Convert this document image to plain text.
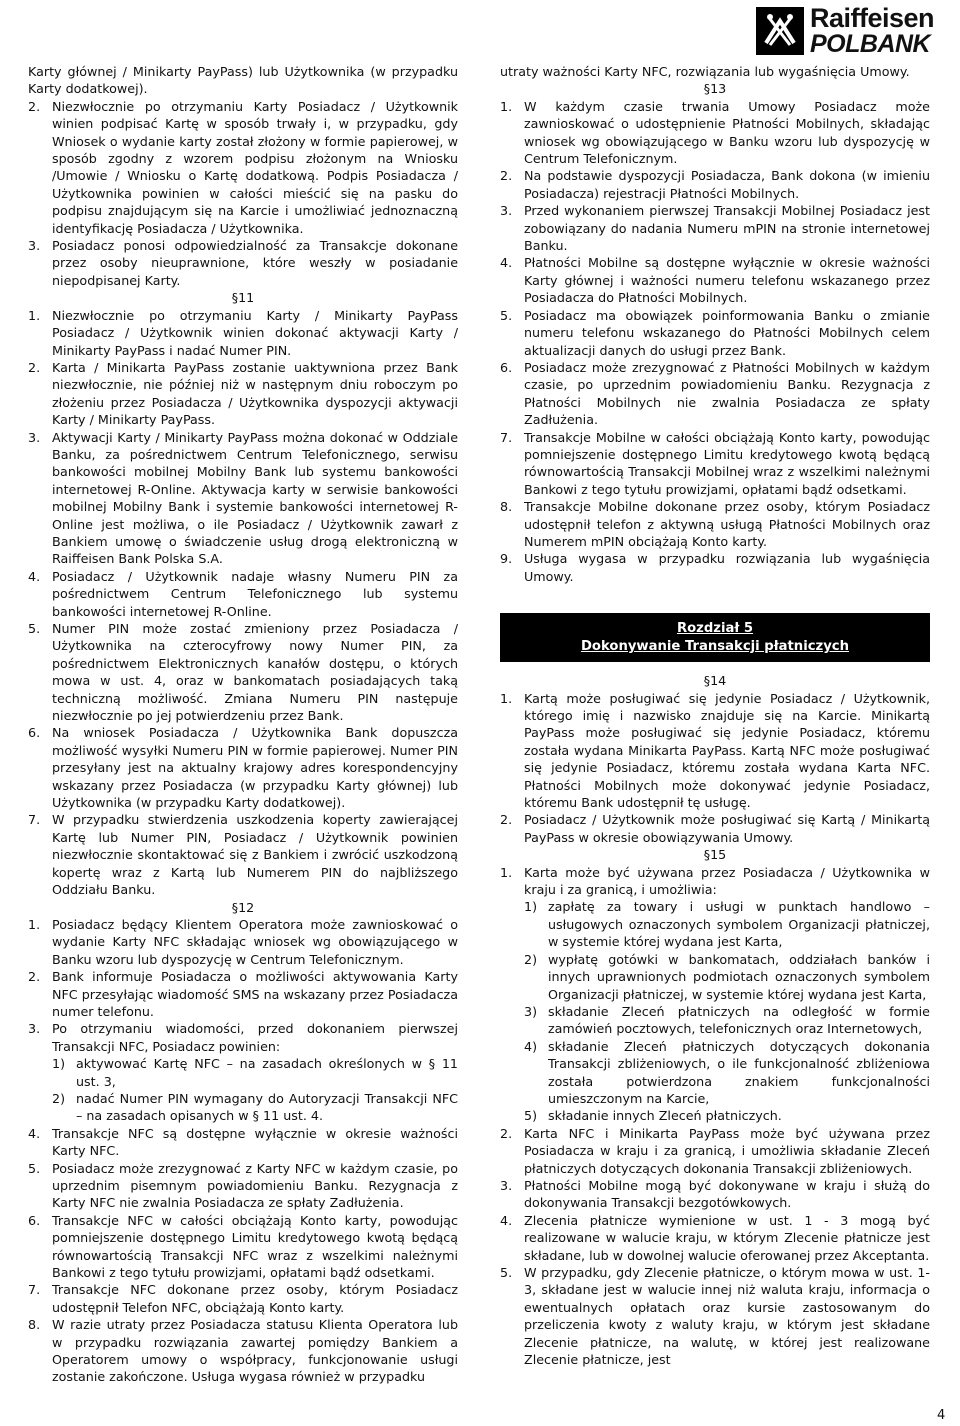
Raiffeisen
POLBANK

Karty głównej / Minikarty PayPass) lub Użytkownika (w przypadku Karty dodatkowej).

2. Niezwłocznie po otrzymaniu Karty Posiadacz / Użytkownik winien podpisać Kartę w sposób trwały i, w przypadku, gdy Wniosek o wydanie karty został złożony w formie papierowej, w sposób zgodny z wzorem podpisu złożonym na Wniosku /Umowie / Wniosku o Kartę dodatkową. Podpis Posiadacza / Użytkownika powinien w całości mieścić się na pasku do podpisu znajdującym się na Karcie i umożliwiać jednoznaczną identyfikację Posiadacza / Użytkownika.
3. Posiadacz ponosi odpowiedzialność za Transakcje dokonane przez osoby nieuprawnione, które weszły w posiadanie niepodpisanej Karty.

§11

1. Niezwłocznie po otrzymaniu Karty / Minikarty PayPass Posiadacz / Użytkownik winien dokonać aktywacji Karty / Minikarty PayPass i nadać Numer PIN.
2. Karta / Minikarta PayPass zostanie uaktywniona przez Bank niezwłocznie, nie później niż w następnym dniu roboczym po złożeniu przez Posiadacza / Użytkownika dyspozycji aktywacji Karty / Minikarty PayPass.
3. Aktywacji Karty / Minikarty PayPass można dokonać w Oddziale Banku, za pośrednictwem Centrum Telefonicznego, serwisu bankowości mobilnej Mobilny Bank lub systemu bankowości internetowej R-Online. Aktywacja karty w serwisie bankowości mobilnej Mobilny Bank i systemie bankowości internetowej R-Online jest możliwa, o ile Posiadacz / Użytkownik zawarł z Bankiem umowę o świadczenie usług drogą elektroniczną w Raiffeisen Bank Polska S.A.
4. Posiadacz / Użytkownik nadaje własny Numeru PIN za pośrednictwem Centrum Telefonicznego lub systemu bankowości internetowej R-Online.
5. Numer PIN może zostać zmieniony przez Posiadacza / Użytkownika na czterocyfrowy nowy Numer PIN, za pośrednictwem Elektronicznych kanałów dostępu, o których mowa w ust. 4, oraz w bankomatach posiadających taką techniczną możliwość. Zmiana Numeru PIN następuje niezwłocznie po jej potwierdzeniu przez Bank.
6. Na wniosek Posiadacza / Użytkownika Bank dopuszcza możliwość wysyłki Numeru PIN w formie papierowej. Numer PIN przesyłany jest na aktualny krajowy adres korespondencyjny wskazany przez Posiadacza (w przypadku Karty głównej) lub Użytkownika (w przypadku Karty dodatkowej).
7. W przypadku stwierdzenia uszkodzenia koperty zawierającej Kartę lub Numer PIN, Posiadacz / Użytkownik powinien niezwłocznie skontaktować się z Bankiem i zwrócić uszkodzoną kopertę wraz z Kartą lub Numerem PIN do najbliższego Oddziału Banku.

§12

1. Posiadacz będący Klientem Operatora może zawnioskować o wydanie Karty NFC składając wniosek wg obowiązującego w Banku wzoru lub dyspozycję w Centrum Telefonicznym.
2. Bank informuje Posiadacza o możliwości aktywowania Karty NFC przesyłając wiadomość SMS na wskazany przez Posiadacza numer telefonu.
3. Po otrzymaniu wiadomości, przed dokonaniem pierwszej Transakcji NFC, Posiadacz powinien:
1) aktywować Kartę NFC – na zasadach określonych w § 11 ust. 3,
2) nadać Numer PIN wymagany do Autoryzacji Transakcji NFC – na zasadach opisanych w § 11 ust. 4.
4. Transakcje NFC są dostępne wyłącznie w okresie ważności Karty NFC.
5. Posiadacz może zrezygnować z Karty NFC w każdym czasie, po uprzednim pisemnym powiadomieniu Banku. Rezygnacja z Karty NFC nie zwalnia Posiadacza ze spłaty Zadłużenia.
6. Transakcje NFC w całości obciążają Konto karty, powodując pomniejszenie dostępnego Limitu kredytowego kwotą będącą równowartością Transakcji NFC wraz z wszelkimi należnymi Bankowi z tego tytułu prowizjami, opłatami bądź odsetkami.
7. Transakcje NFC dokonane przez osoby, którym Posiadacz udostępnił Telefon NFC, obciążają Konto karty.
8. W razie utraty przez Posiadacza statusu Klienta Operatora lub w przypadku rozwiązania zawartej pomiędzy Bankiem a Operatorem umowy o współpracy, funkcjonowanie usługi zostanie zakończone. Usługa wygasa również w przypadku

utraty ważności Karty NFC, rozwiązania lub wygaśnięcia Umowy.

§13

1. W każdym czasie trwania Umowy Posiadacz może zawnioskować o udostępnienie Płatności Mobilnych, składając wniosek wg obowiązującego w Banku wzoru lub dyspozycję w Centrum Telefonicznym.
2. Na podstawie dyspozycji Posiadacza, Bank dokona (w imieniu Posiadacza) rejestracji Płatności Mobilnych.
3. Przed wykonaniem pierwszej Transakcji Mobilnej Posiadacz jest zobowiązany do nadania Numeru mPIN na stronie internetowej Banku.
4. Płatności Mobilne są dostępne wyłącznie w okresie ważności Karty głównej i ważności numeru telefonu wskazanego przez Posiadacza do Płatności Mobilnych.
5. Posiadacz ma obowiązek poinformowania Banku o zmianie numeru telefonu wskazanego do Płatności Mobilnych celem aktualizacji danych do usługi przez Bank.
6. Posiadacz może zrezygnować z Płatności Mobilnych w każdym czasie, po uprzednim powiadomieniu Banku. Rezygnacja z Płatności Mobilnych nie zwalnia Posiadacza ze spłaty Zadłużenia.
7. Transakcje Mobilne w całości obciążają Konto karty, powodując pomniejszenie dostępnego Limitu kredytowego kwotą będącą równowartością Transakcji Mobilnej wraz z wszelkimi należnymi Bankowi z tego tytułu prowizjami, opłatami bądź odsetkami.
8. Transakcje Mobilne dokonane przez osoby, którym Posiadacz udostępnił telefon z aktywną usługą Płatności Mobilnych oraz Numerem mPIN obciążają Konto karty.
9. Usługa wygasa w przypadku rozwiązania lub wygaśnięcia Umowy.
Rozdział 5
Dokonywanie Transakcji płatniczych

§14

1. Kartą może posługiwać się jedynie Posiadacz / Użytkownik, którego imię i nazwisko znajduje się na Karcie. Minikartą PayPass może posługiwać się jedynie Posiadacz, któremu została wydana Minikarta PayPass. Kartą NFC może posługiwać się jedynie Posiadacz, któremu została wydana Karta NFC. Płatności Mobilnych może dokonywać jedynie Posiadacz, któremu Bank udostępnił tę usługę.
2. Posiadacz / Użytkownik może posługiwać się Kartą / Minikartą PayPass w okresie obowiązywania Umowy.

§15

1. Karta może być używana przez Posiadacza / Użytkownika w kraju i za granicą, i umożliwia:
1) zapłatę za towary i usługi w punktach handlowo – usługowych oznaczonych symbolem Organizacji płatniczej, w systemie której wydana jest Karta,
2) wypłatę gotówki w bankomatach, oddziałach banków i innych uprawnionych podmiotach oznaczonych symbolem Organizacji płatniczej, w systemie której wydana jest Karta,
3) składanie Zleceń płatniczych na odległość w formie zamówień pocztowych, telefonicznych oraz Internetowych,
4) składanie Zleceń płatniczych dotyczących dokonania Transakcji zbliżeniowych, o ile funkcjonalność zbliżeniowa została potwierdzona znakiem funkcjonalności umieszczonym na Karcie,
5) składanie innych Zleceń płatniczych.
2. Karta NFC i Minikarta PayPass może być używana przez Posiadacza w kraju i za granicą, i umożliwia składanie Zleceń płatniczych dotyczących dokonania Transakcji zbliżeniowych.
3. Płatności Mobilne mogą być dokonywane w kraju i służą do dokonywania Transakcji bezgotówkowych.
4. Zlecenia płatnicze wymienione w ust. 1 - 3 mogą być realizowane w walucie kraju, w którym Zlecenie płatnicze jest składane, lub w dowolnej walucie oferowanej przez Akceptanta.
5. W przypadku, gdy Zlecenie płatnicze, o którym mowa w ust. 1-3, składane jest w walucie innej niż waluta kraju, informacja o ewentualnych opłatach oraz kursie zastosowanym do przeliczenia kwoty z waluty kraju, w którym jest składane Zlecenie płatnicze, na walutę, w której jest realizowane Zlecenie płatnicze, jest
4
